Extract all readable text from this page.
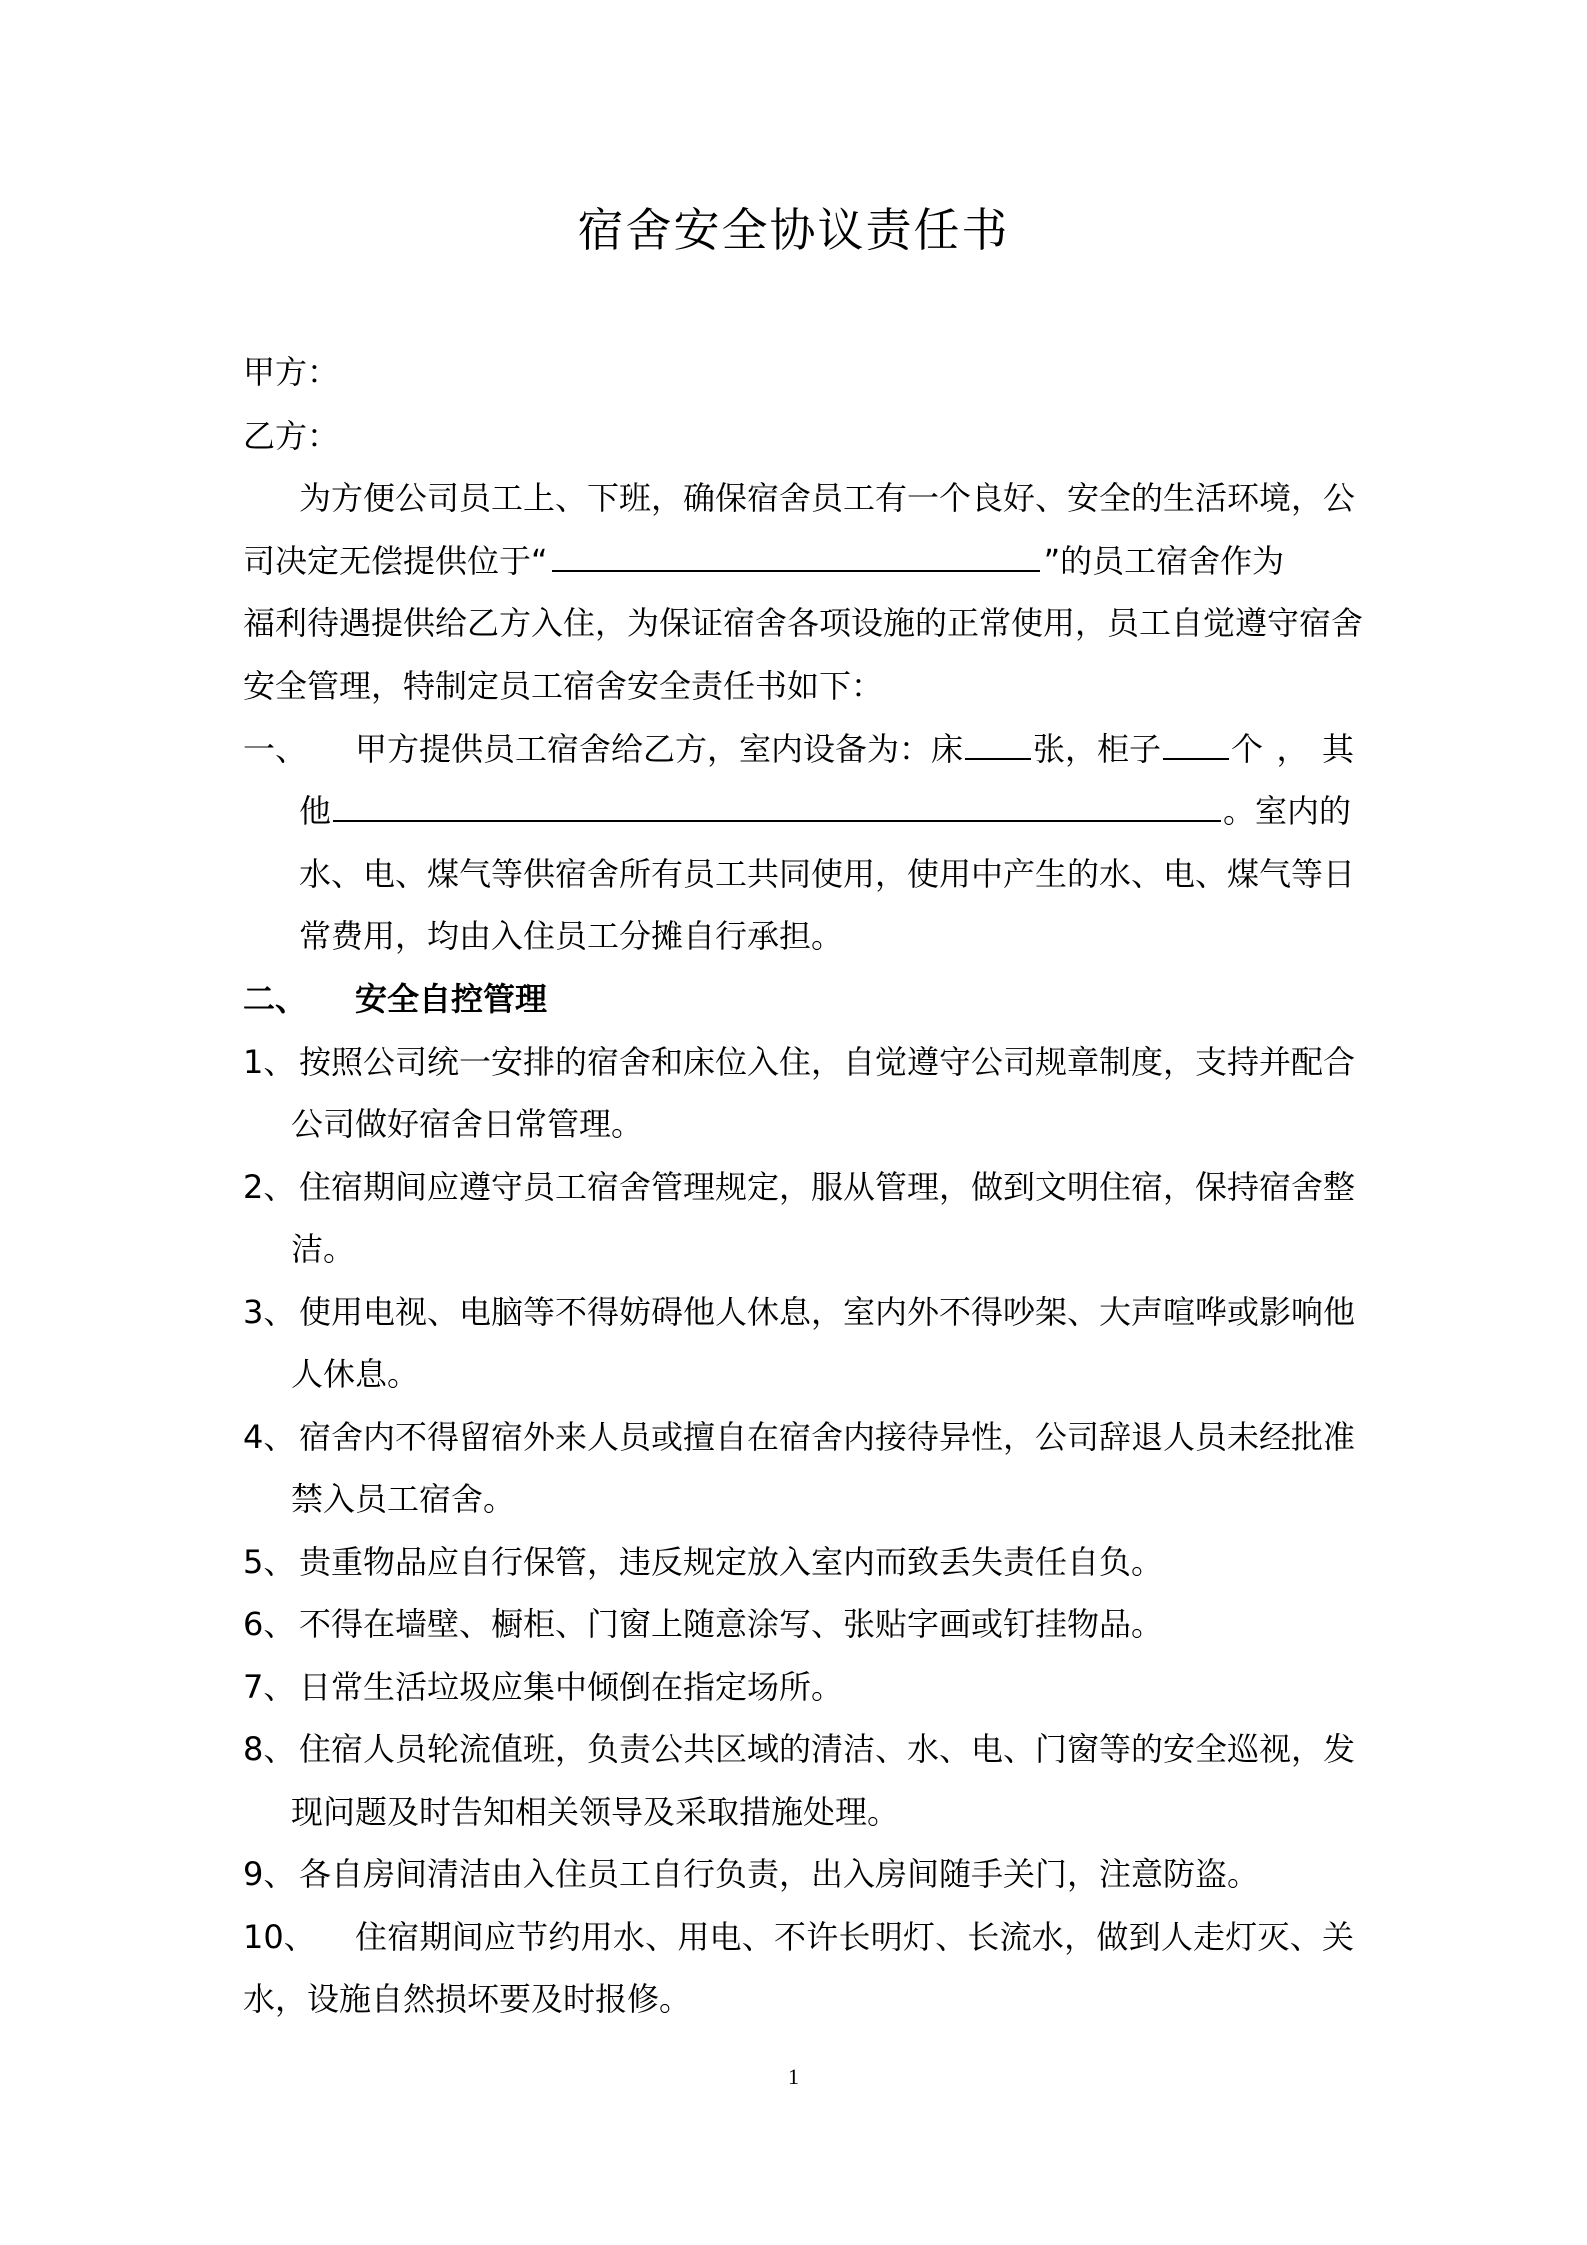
宿舍安全协议责任书
甲方：
乙方：
为方便公司员工上、下班，确保宿舍员工有一个良好、安全的生活环境，公
司决定无偿提供位于“	”的员工宿舍作为
福利待遇提供给乙方入住，为保证宿舍各项设施的正常使用，员工自觉遵守宿舍
安全管理，特制定员工宿舍安全责任书如下：
一、 甲方提供员工宿舍给乙方，室内设备为：床 张，柜子 个，其
他	。室内的
水、电、煤气等供宿舍所有员工共同使用，使用中产生的水、电、煤气等日
常费用，均由入住员工分摊自行承担。
二、 安全自控管理
1、 按照公司统一安排的宿舍和床位入住，自觉遵守公司规章制度，支持并配合
公司做好宿舍日常管理。
2、 住宿期间应遵守员工宿舍管理规定，服从管理，做到文明住宿，保持宿舍整
洁。
3、 使用电视、电脑等不得妨碍他人休息，室内外不得吵架、大声喧哗或影响他
人休息。
4、 宿舍内不得留宿外来人员或擅自在宿舍内接待异性，公司辞退人员未经批准
禁入员工宿舍。
5、 贵重物品应自行保管，违反规定放入室内而致丢失责任自负。
6、 不得在墙壁、橱柜、门窗上随意涂写、张贴字画或钉挂物品。
7、 日常生活垃圾应集中倾倒在指定场所。
8、 住宿人员轮流值班，负责公共区域的清洁、水、电、门窗等的安全巡视，发
现问题及时告知相关领导及采取措施处理。
9、 各自房间清洁由入住员工自行负责，出入房间随手关门，注意防盗。
10、 住宿期间应节约用水、用电、不许长明灯、长流水，做到人走灯灭、关
水，设施自然损坏要及时报修。
1
